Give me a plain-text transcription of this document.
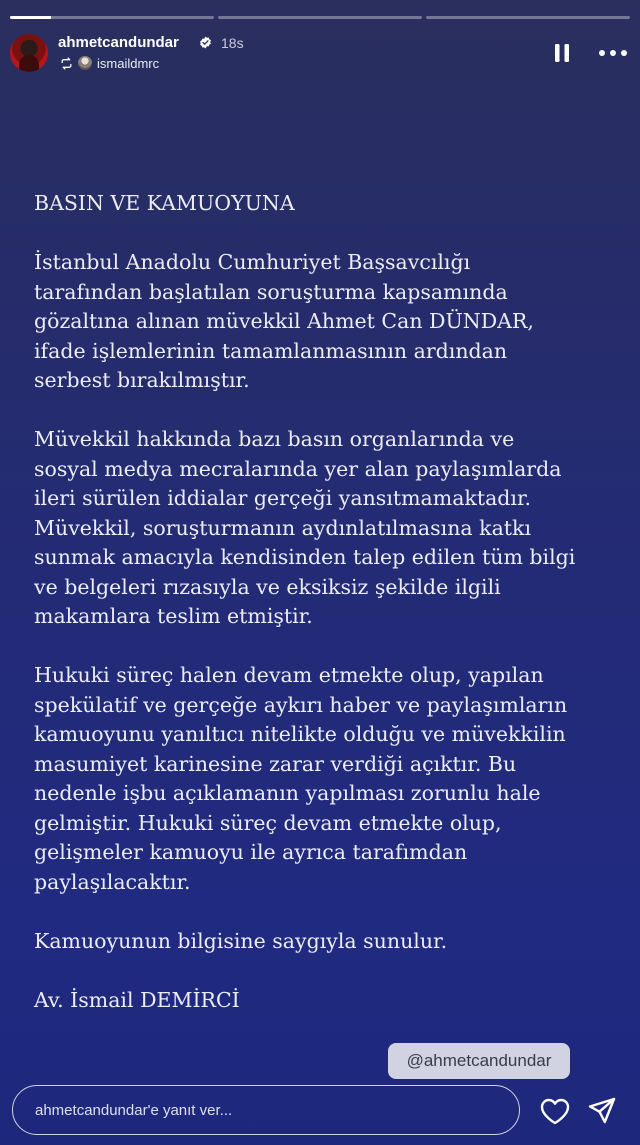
ahmetcandundar	18s
ismaildmrc

BASIN VE KAMUOYUNA

İstanbul Anadolu Cumhuriyet Başsavcılığı
tarafından başlatılan soruşturma kapsamında
gözaltına alınan müvekkil Ahmet Can DÜNDAR,
ifade işlemlerinin tamamlanmasının ardından
serbest bırakılmıştır.

Müvekkil hakkında bazı basın organlarında ve
sosyal medya mecralarında yer alan paylaşımlarda
ileri sürülen iddialar gerçeği yansıtmamaktadır.
Müvekkil, soruşturmanın aydınlatılmasına katkı
sunmak amacıyla kendisinden talep edilen tüm bilgi
ve belgeleri rızasıyla ve eksiksiz şekilde ilgili
makamlara teslim etmiştir.

Hukuki süreç halen devam etmekte olup, yapılan
spekülatif ve gerçeğe aykırı haber ve paylaşımların
kamuoyunu yanıltıcı nitelikte olduğu ve müvekkilin
masumiyet karinesine zarar verdiği açıktır. Bu
nedenle işbu açıklamanın yapılması zorunlu hale
gelmiştir. Hukuki süreç devam etmekte olup,
gelişmeler kamuoyu ile ayrıca tarafımdan
paylaşılacaktır.

Kamuoyunun bilgisine saygıyla sunulur.

Av. İsmail DEMİRCİ

@ahmetcandundar
ahmetcandundar'e yanıt ver...
